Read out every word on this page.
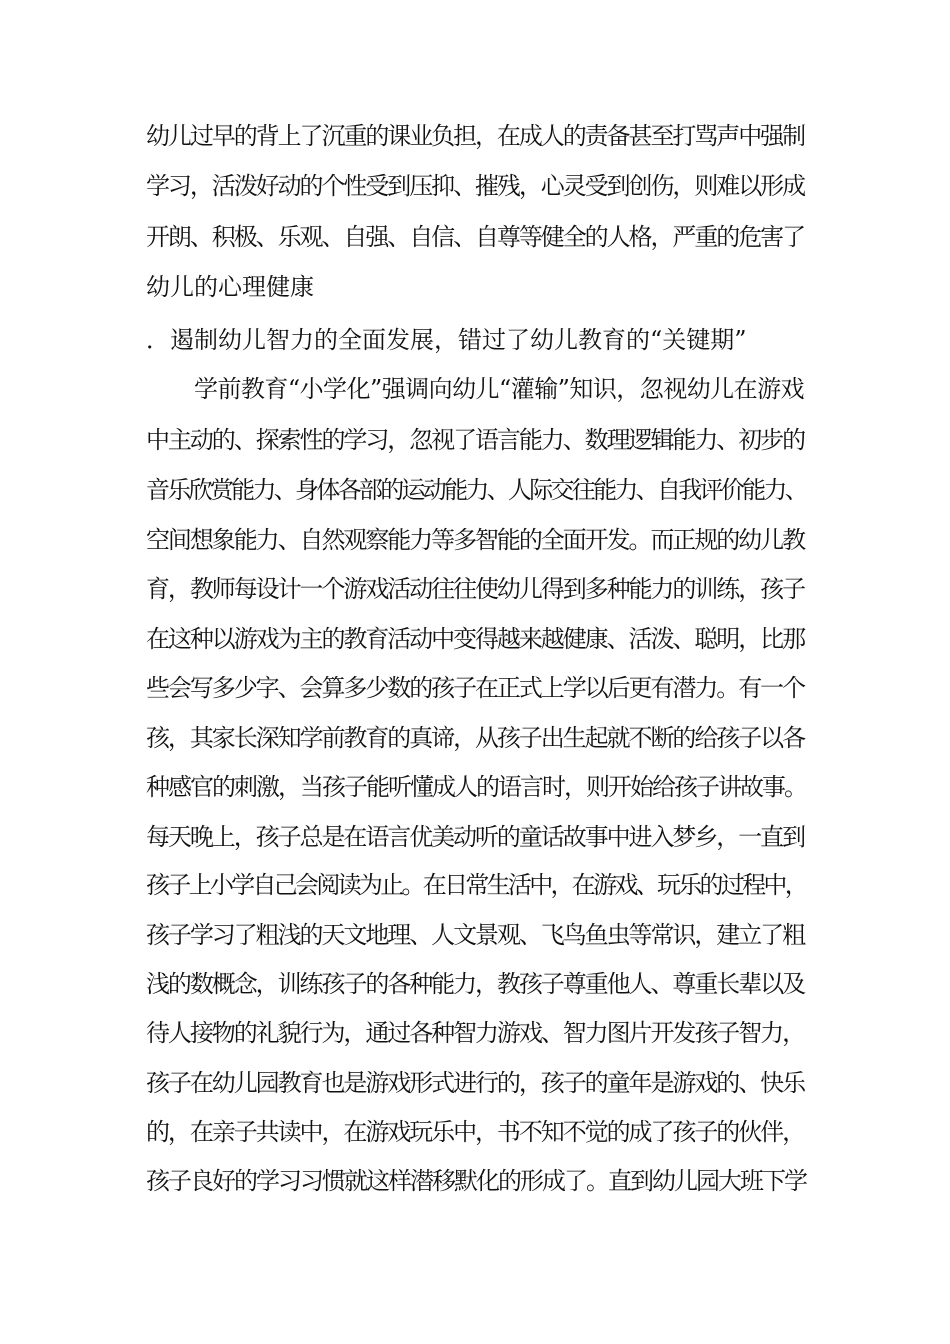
幼儿过早的背上了沉重的课业负担，在成人的责备甚至打骂声中强制
学习，活泼好动的个性受到压抑、摧残，心灵受到创伤，则难以形成
开朗、积极、乐观、自强、自信、自尊等健全的人格，严重的危害了
幼儿的心理健康
．遏制幼儿智力的全面发展，错过了幼儿教育的“关键期”
学前教育“小学化”强调向幼儿“灌输”知识，忽视幼儿在游戏
中主动的、探索性的学习，忽视了语言能力、数理逻辑能力、初步的
音乐欣赏能力、身体各部的运动能力、人际交往能力、自我评价能力、
空间想象能力、自然观察能力等多智能的全面开发。而正规的幼儿教
育，教师每设计一个游戏活动往往使幼儿得到多种能力的训练，孩子
在这种以游戏为主的教育活动中变得越来越健康、活泼、聪明，比那
些会写多少字、会算多少数的孩子在正式上学以后更有潜力。有一个
孩，其家长深知学前教育的真谛，从孩子出生起就不断的给孩子以各
种感官的刺激，当孩子能听懂成人的语言时，则开始给孩子讲故事。
每天晚上，孩子总是在语言优美动听的童话故事中进入梦乡，一直到
孩子上小学自己会阅读为止。在日常生活中，在游戏、玩乐的过程中，
孩子学习了粗浅的天文地理、人文景观、飞鸟鱼虫等常识，建立了粗
浅的数概念，训练孩子的各种能力，教孩子尊重他人、尊重长辈以及
待人接物的礼貌行为，通过各种智力游戏、智力图片开发孩子智力，
孩子在幼儿园教育也是游戏形式进行的，孩子的童年是游戏的、快乐
的，在亲子共读中，在游戏玩乐中，书不知不觉的成了孩子的伙伴，
孩子良好的学习习惯就这样潜移默化的形成了。直到幼儿园大班下学
